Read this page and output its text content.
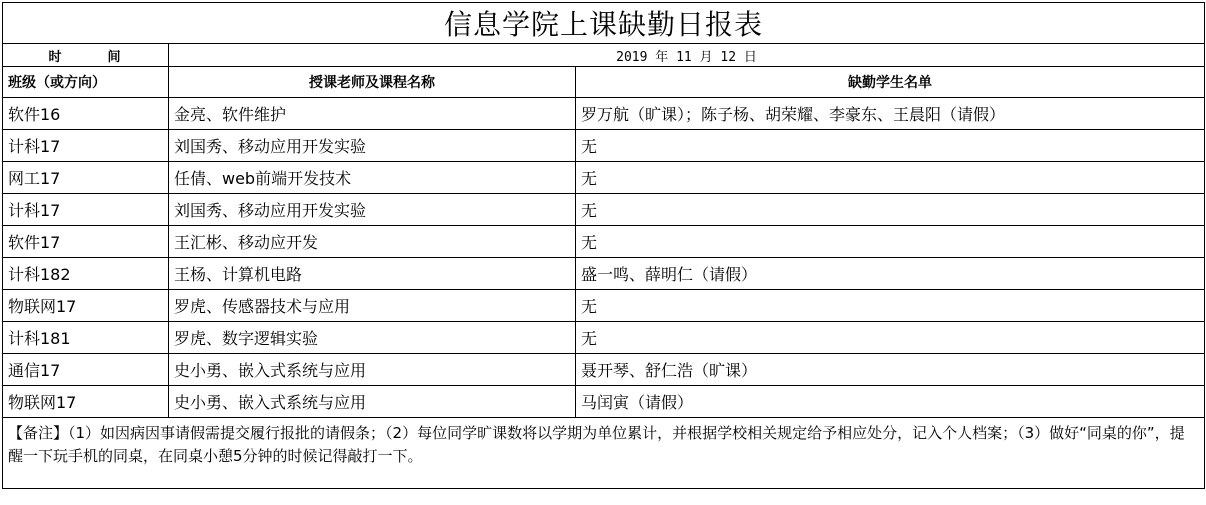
信息学院上课缺勤日报表		
时 间	2019 年 11 月 12 日	
班级（或方向）	授课老师及课程名称	缺勤学生名单
软件16	金亮、软件维护	罗万航（旷课）；陈子杨、胡荣耀、李豪东、王晨阳（请假）
计科17	刘国秀、移动应用开发实验	无
网工17	任倩、web前端开发技术	无
计科17	刘国秀、移动应用开发实验	无
软件17	王汇彬、移动应开发	无
计科182	王杨、计算机电路	盛一鸣、薛明仁（请假）
物联网17	罗虎、传感器技术与应用	无
计科181	罗虎、数字逻辑实验	无
通信17	史小勇、嵌入式系统与应用	聂开琴、舒仁浩（旷课）
物联网17	史小勇、嵌入式系统与应用	马闰寅（请假）
【备注】（1）如因病因事请假需提交履行报批的请假条；（2）每位同学旷课数将以学期为单位累计，并根据学校相关规定给予相应处分，记入个人档案；（3）做好“同桌的你”，提醒一下玩手机的同桌，在同桌小憩5分钟的时候记得敲打一下。		
